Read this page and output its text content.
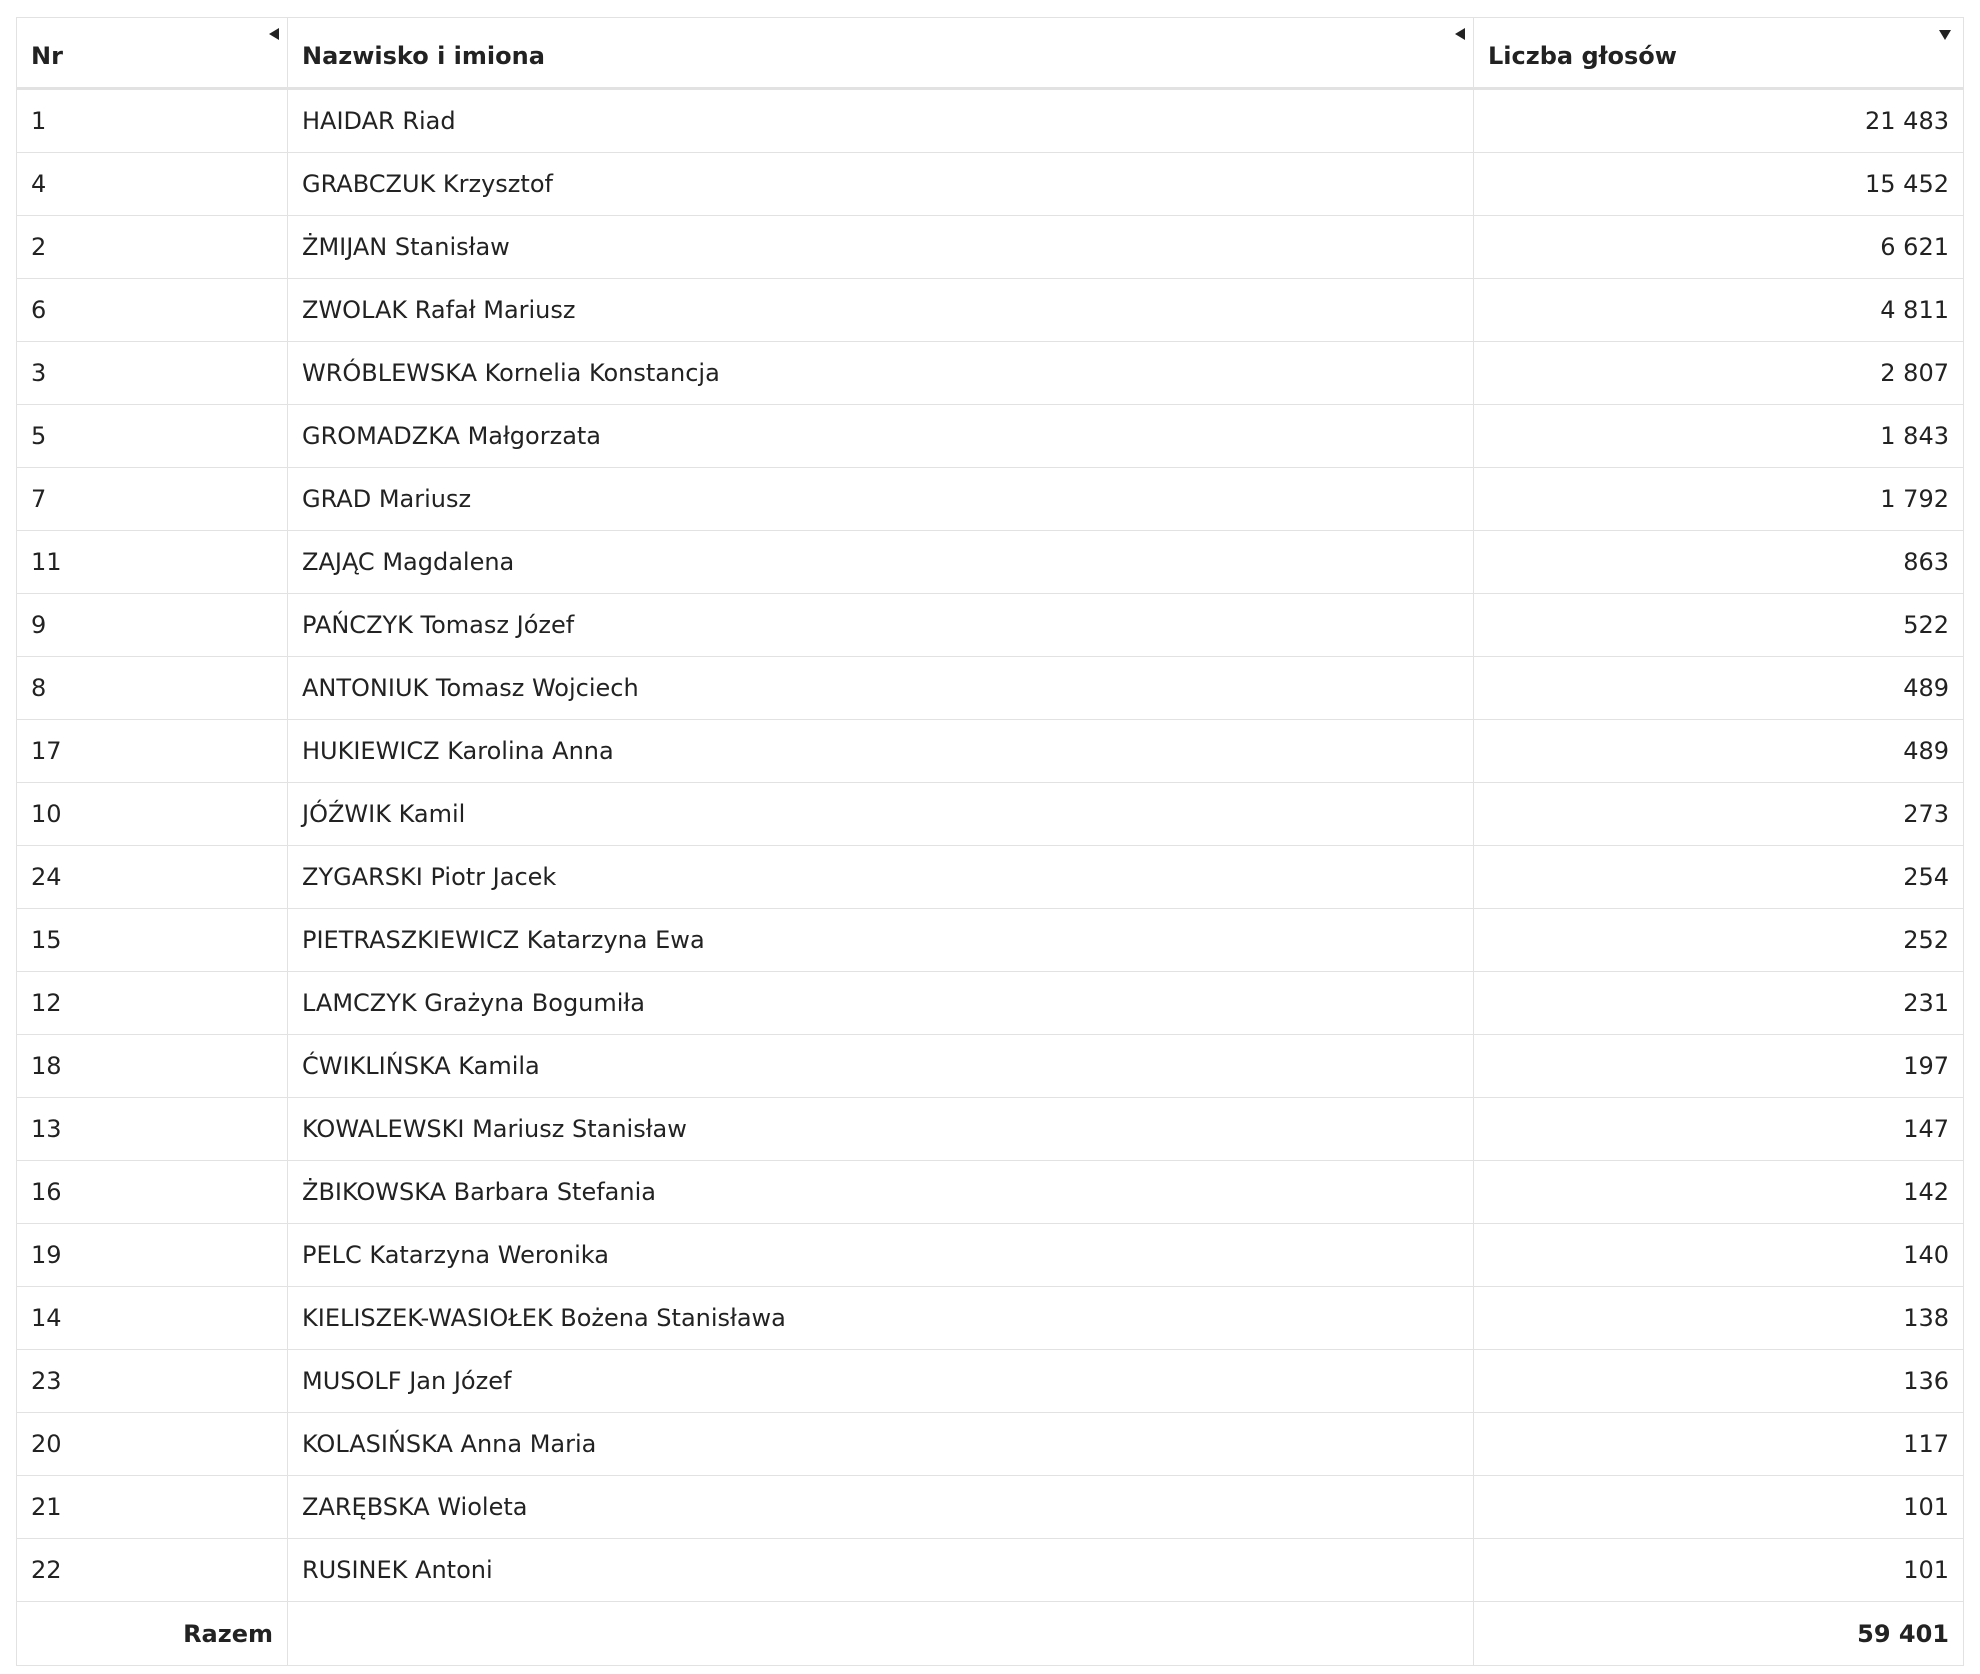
Nr	Nazwisko i imiona	Liczba głosów

1	HAIDAR Riad	21 483
4	GRABCZUK Krzysztof	15 452
2	ŻMIJAN Stanisław	6 621
6	ZWOLAK Rafał Mariusz	4 811
3	WRÓBLEWSKA Kornelia Konstancja	2 807
5	GROMADZKA Małgorzata	1 843
7	GRAD Mariusz	1 792
11	ZAJĄC Magdalena	863
9	PAŃCZYK Tomasz Józef	522
8	ANTONIUK Tomasz Wojciech	489
17	HUKIEWICZ Karolina Anna	489
10	JÓŹWIK Kamil	273
24	ZYGARSKI Piotr Jacek	254
15	PIETRASZKIEWICZ Katarzyna Ewa	252
12	LAMCZYK Grażyna Bogumiła	231
18	ĆWIKLIŃSKA Kamila	197
13	KOWALEWSKI Mariusz Stanisław	147
16	ŻBIKOWSKA Barbara Stefania	142
19	PELC Katarzyna Weronika	140
14	KIELISZEK-WASIOŁEK Bożena Stanisława	138
23	MUSOLF Jan Józef	136
20	KOLASIŃSKA Anna Maria	117
21	ZARĘBSKA Wioleta	101
22	RUSINEK Antoni	101
Razem		59 401
